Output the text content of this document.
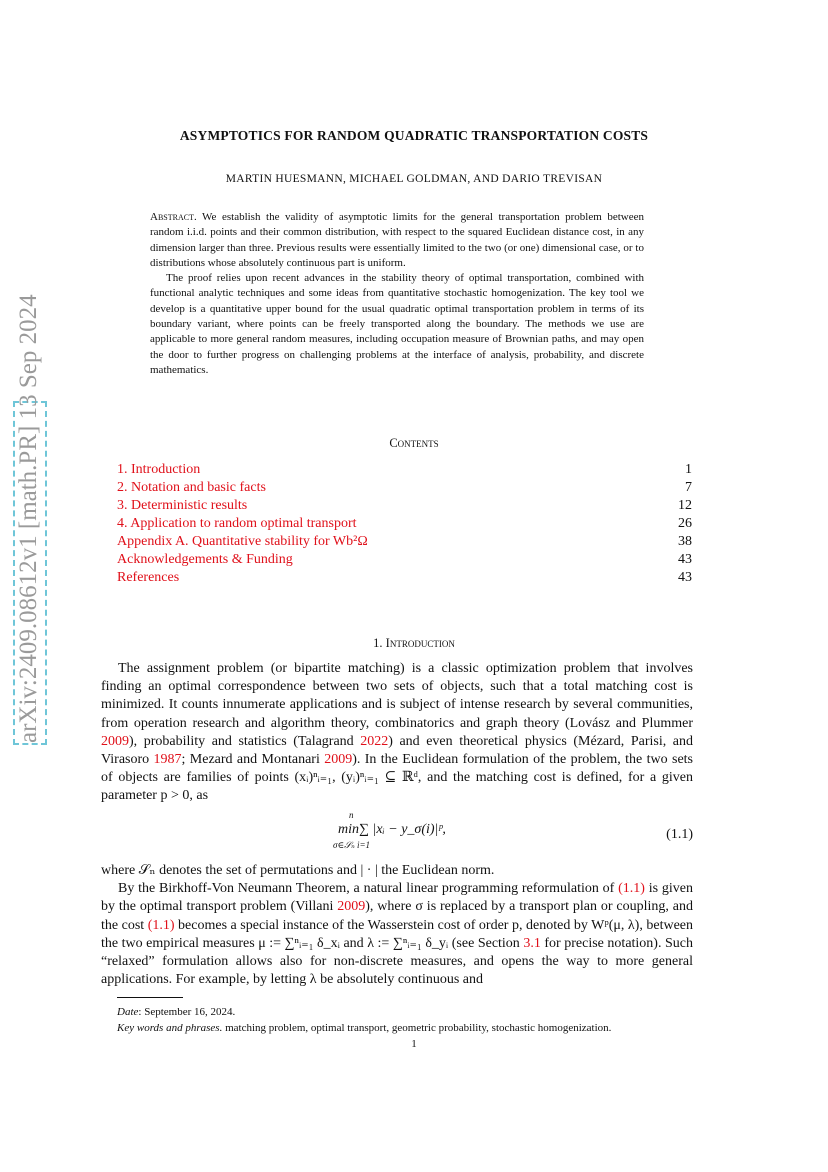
arXiv:2409.08612v1 [math.PR] 13 Sep 2024
ASYMPTOTICS FOR RANDOM QUADRATIC TRANSPORTATION COSTS
MARTIN HUESMANN, MICHAEL GOLDMAN, AND DARIO TREVISAN

Abstract. We establish the validity of asymptotic limits for the general transportation problem between random i.i.d. points and their common distribution, with respect to the squared Euclidean distance cost, in any dimension larger than three. Previous results were essentially limited to the two (or one) dimensional case, or to distributions whose absolutely continuous part is uniform.

The proof relies upon recent advances in the stability theory of optimal transportation, combined with functional analytic techniques and some ideas from quantitative stochastic homogenization. The key tool we develop is a quantitative upper bound for the usual quadratic optimal transportation problem in terms of its boundary variant, where points can be freely transported along the boundary. The methods we use are applicable to more general random measures, including occupation measure of Brownian paths, and may open the door to further progress on challenging problems at the interface of analysis, probability, and discrete mathematics.

Contents
1. Introduction	1
2. Notation and basic facts	7
3. Deterministic results	12
4. Application to random optimal transport	26
Appendix A. Quantitative stability for Wb²Ω	38
Acknowledgements & Funding	43
References	43
1. Introduction

The assignment problem (or bipartite matching) is a classic optimization problem that involves finding an optimal correspondence between two sets of objects, such that a total matching cost is minimized. It counts innumerate applications and is subject of intense research by several communities, from operation research and algorithm theory, combinatorics and graph theory (Lovász and Plummer 2009), probability and statistics (Talagrand 2022) and even theoretical physics (Mézard, Parisi, and Virasoro 1987; Mezard and Montanari 2009). In the Euclidean formulation of the problem, the two sets of objects are families of points (xᵢ)ⁿᵢ₌₁, (yᵢ)ⁿᵢ₌₁ ⊆ ℝᵈ, and the matching cost is defined, for a given parameter p > 0, as

n
min∑ |xᵢ − y_σ(i)|ᵖ,
σ∈𝒮ₙ i=1
(1.1)

where 𝒮ₙ denotes the set of permutations and | · | the Euclidean norm.

By the Birkhoff-Von Neumann Theorem, a natural linear programming reformulation of (1.1) is given by the optimal transport problem (Villani 2009), where σ is replaced by a transport plan or coupling, and the cost (1.1) becomes a special instance of the Wasserstein cost of order p, denoted by Wᵖ(μ, λ), between the two empirical measures μ := ∑ⁿᵢ₌₁ δ_xᵢ and λ := ∑ⁿᵢ₌₁ δ_yᵢ (see Section 3.1 for precise notation). Such “relaxed” formulation allows also for non-discrete measures, and opens the way to more general applications. For example, by letting λ be absolutely continuous and

Date: September 16, 2024.
Key words and phrases. matching problem, optimal transport, geometric probability, stochastic homogenization.
1
